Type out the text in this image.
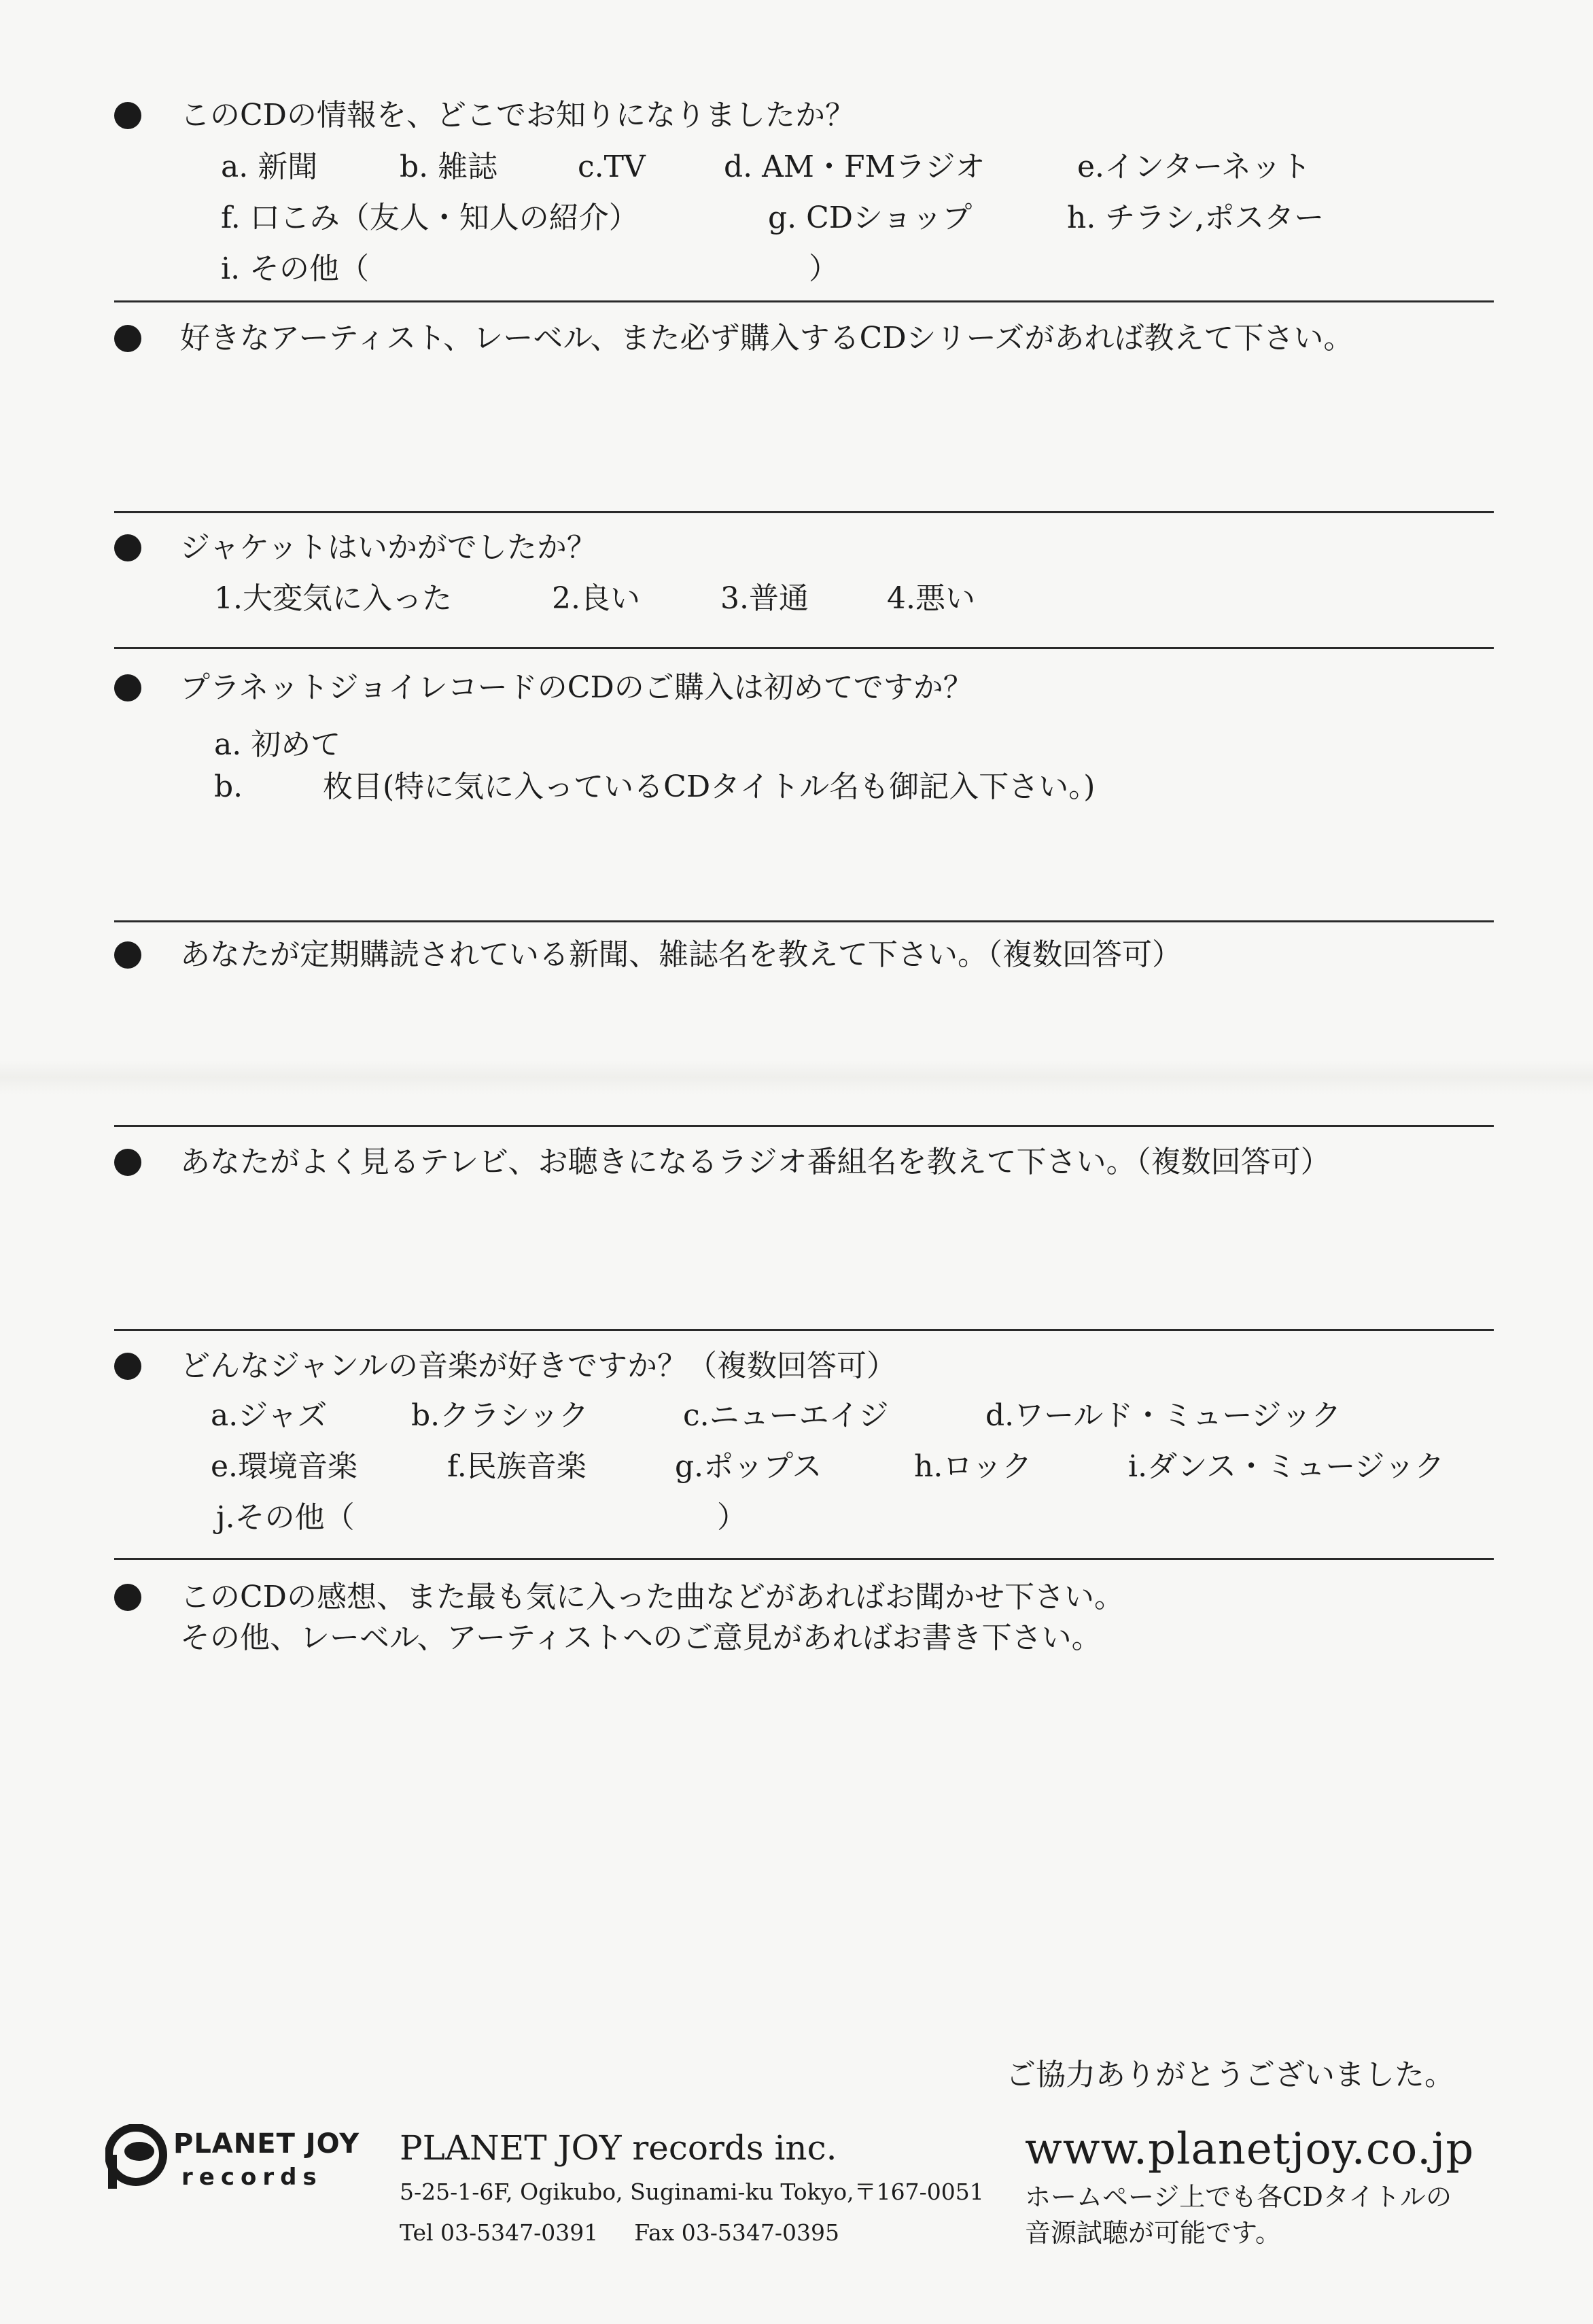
このCDの情報を、どこでお知りになりましたか？
a. 新聞	b. 雑誌	c.TV	d. AM・FMラジオ	e.インターネット
f. 口こみ（友人・知人の紹介）	g. CDショップ	h. チラシ,ポスター
i. その他（	）
好きなアーティスト、レーベル、また必ず購入するCDシリーズがあれば教えて下さい。
ジャケットはいかがでしたか？
1.大変気に入った	2.良い	3.普通	4.悪い
プラネットジョイレコードのCDのご購入は初めてですか？
a. 初めて
b.	枚目(特に気に入っているCDタイトル名も御記入下さい。)
あなたが定期購読されている新聞、雑誌名を教えて下さい。（複数回答可）
あなたがよく見るテレビ、お聴きになるラジオ番組名を教えて下さい。（複数回答可）
どんなジャンルの音楽が好きですか？（複数回答可）
a.ジャズ	b.クラシック	c.ニューエイジ	d.ワールド・ミュージック
e.環境音楽	f.民族音楽	g.ポップス	h.ロック	i.ダンス・ミュージック
j.その他（	）
このCDの感想、また最も気に入った曲などがあればお聞かせ下さい。
その他、レーベル、アーティストへのご意見があればお書き下さい。
ご協力ありがとうございました。
PLANET JOY
records
PLANET JOY records inc.
5-25-1-6F, Ogikubo, Suginami-ku Tokyo,〒167-0051
Tel 03-5347-0391 Fax 03-5347-0395
www.planetjoy.co.jp
ホームページ上でも各CDタイトルの
音源試聴が可能です。
